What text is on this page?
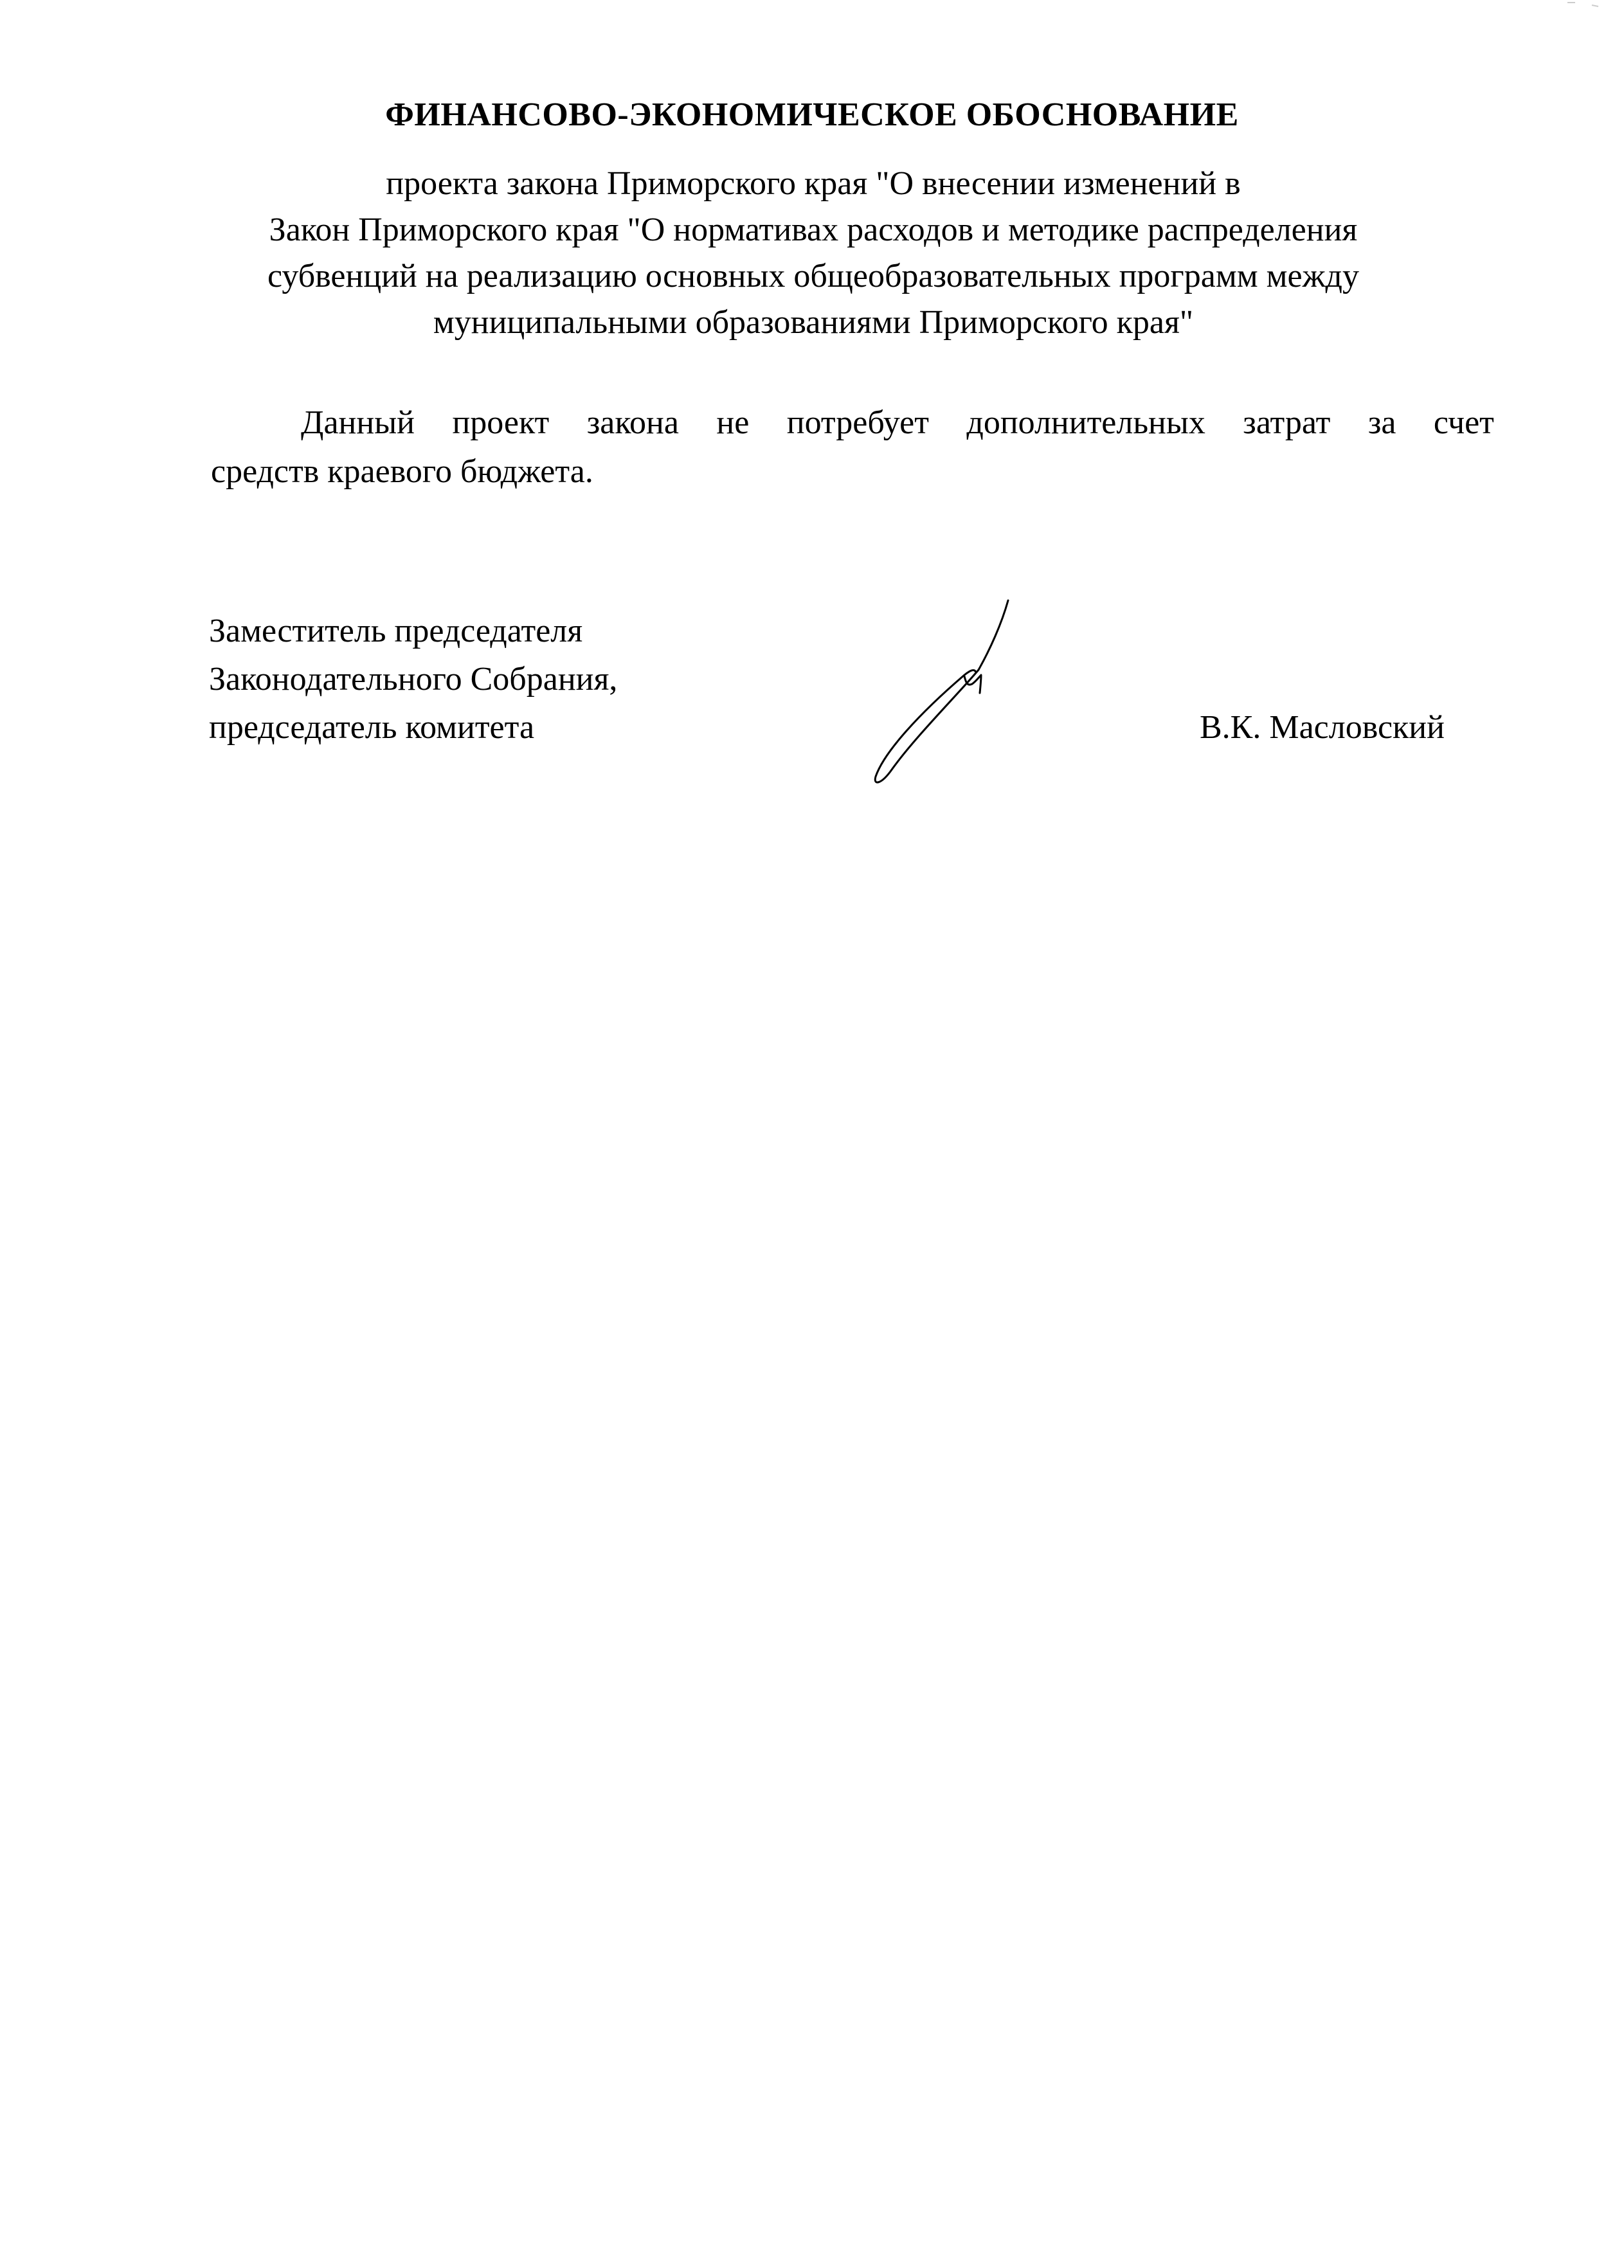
ФИНАНСОВО-ЭКОНОМИЧЕСКОЕ ОБОСНОВАНИЕ
проекта закона Приморского края "О внесении изменений в
Закон Приморского края "О нормативах расходов и методике распределения
субвенций на реализацию основных общеобразовательных программ между
муниципальными образованиями Приморского края"
Данный проект закона не потребует дополнительных затрат за счет
средств краевого бюджета.
Заместитель председателя
Законодательного Собрания,
председатель комитета	В.К. Масловский
